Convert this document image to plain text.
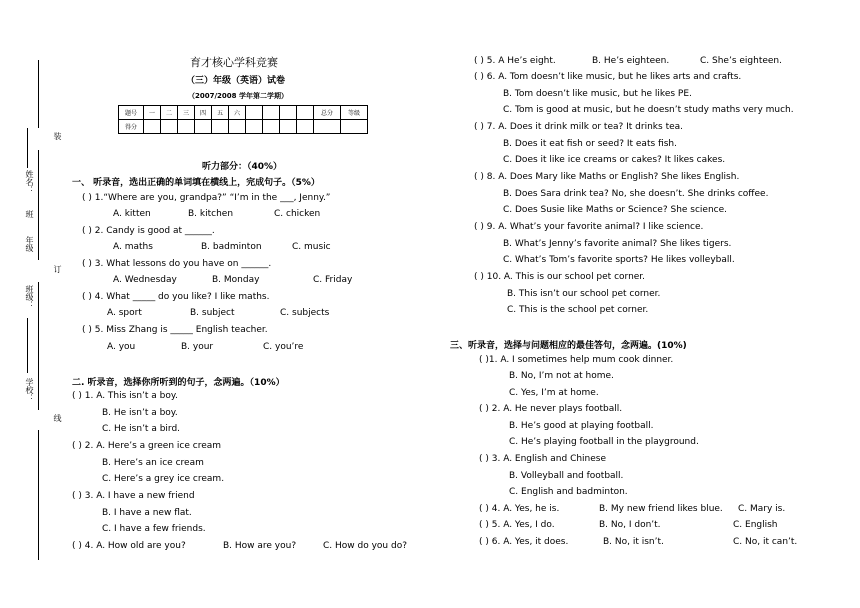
装
订
线
姓名：
班
年级
班级：
学校：
育才核心学科竞赛
（三）年级（英语）试卷
（2007/2008 学年第二学期）
题号	一	二	三	四	五	六					总分	等级
得分												
听力部分：（40%）
一、 听录音，选出正确的单词填在横线上，完成句子。（5%）
( ) 1.“Where are you, grandpa?” “I’m in the ___, Jenny.”
A. kitten	B. kitchen	C. chicken
( ) 2. Candy is good at ______.
A. maths	B. badminton	C. music
( ) 3. What lessons do you have on ______.
A. Wednesday	B. Monday	C. Friday
( ) 4. What _____ do you like? I like maths.
A. sport	B. subject	C. subjects
( ) 5. Miss Zhang is _____ English teacher.
A. you	B. your	C. you’re
二. 听录音，选择你所听到的句子，念两遍。（10%）
( ) 1. A. This isn’t a boy.
B. He isn’t a boy.
C. He isn’t a bird.
( ) 2. A. Here’s a green ice cream
B. Here’s an ice cream
C. Here’s a grey ice cream.
( ) 3. A. I have a new friend
B. I have a new flat.
C. I have a few friends.
( ) 4. A. How old are you?	B. How are you?	C. How do you do?
( ) 5. A He’s eight.	B. He’s eighteen.	C. She’s eighteen.
( ) 6. A. Tom doesn’t like music, but he likes arts and crafts.
B. Tom doesn’t like music, but he likes PE.
C. Tom is good at music, but he doesn’t study maths very much.
( ) 7. A. Does it drink milk or tea? It drinks tea.
B. Does it eat fish or seed? It eats fish.
C. Does it like ice creams or cakes? It likes cakes.
( ) 8. A. Does Mary like Maths or English? She likes English.
B. Does Sara drink tea? No, she doesn’t. She drinks coffee.
C. Does Susie like Maths or Science? She science.
( ) 9. A. What’s your favorite animal? I like science.
B. What’s Jenny’s favorite animal? She likes tigers.
C. What’s Tom’s favorite sports? He likes volleyball.
( ) 10. A. This is our school pet corner.
B. This isn’t our school pet corner.
C. This is the school pet corner.
三、听录音，选择与问题相应的最佳答句，念两遍。(10%)
( )1. A. I sometimes help mum cook dinner.
B. No, I’m not at home.
C. Yes, I’m at home.
( ) 2. A. He never plays football.
B. He’s good at playing football.
C. He’s playing football in the playground.
( ) 3. A. English and Chinese
B. Volleyball and football.
C. English and badminton.
( ) 4. A. Yes, he is.	B. My new friend likes blue. C. Mary is.
( ) 5. A. Yes, I do.	B. No, I don’t.	C. English
( ) 6. A. Yes, it does.	B. No, it isn’t.	C. No, it can’t.
